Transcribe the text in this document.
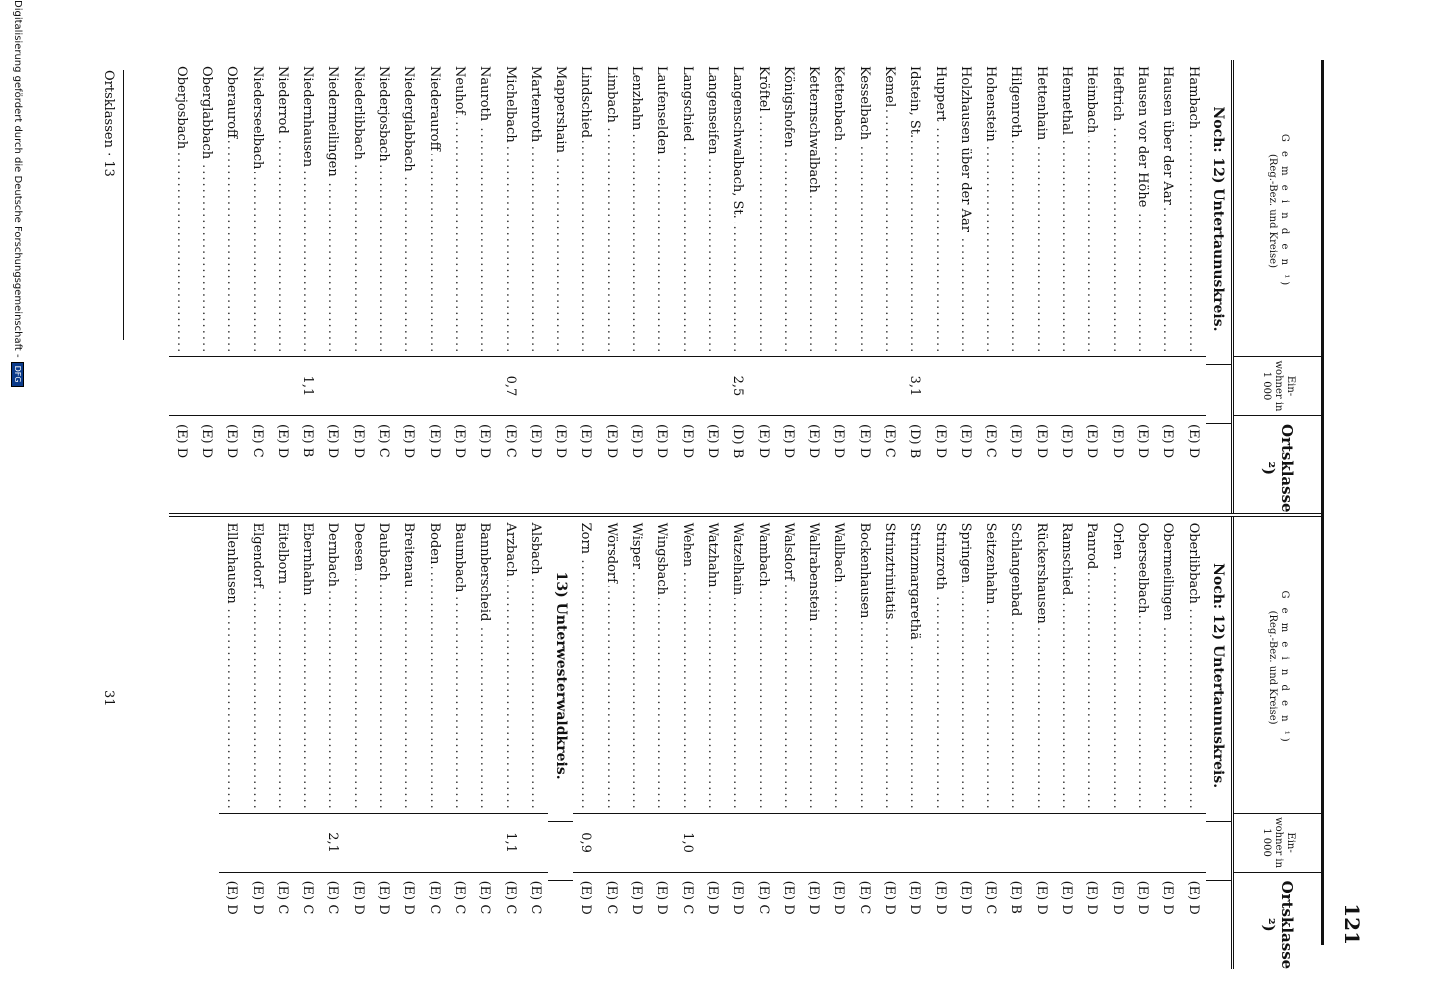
121
G e m e i n d e n ¹)
(Reg.-Bez. und Kreise)
Ein- wohner in 1 000
Ortsklasse ²)
Noch: 12) Untertaunuskreis.
Hambach .....
(E) D
Hausen über der Aar .....
(E) D
Hausen vor der Höhe .....
(E) D
Heftrich .....
(E) D
Heimbach .....
(E) D
Hennethal .....
(E) D
Hettenhain .....
(E) D
Hilgenroth .....
(E) D
Hohenstein .....
(E) C
Holzhausen über der Aar .....
(E) D
Huppert .....
(E) D
Idstein, St. .....
3,1
(D) B
Kemel .....
(E) C
Kesselbach .....
(E) D
Kettenbach .....
(E) D
Ketternschwalbach .....
(E) D
Königshofen .....
(E) D
Kröftel .....
(E) D
Langenschwalbach, St. .....
2,5
(D) B
Langenseifen .....
(E) D
Langschied .....
(E) D
Laufenselden .....
(E) D
Lenzhahn .....
(E) D
Limbach .....
(E) D
Lindschied .....
(E) D
Mappershain .....
(E) D
Martenroth .....
(E) D
Michelbach .....
0,7
(E) C
Nauroth .....
(E) D
Neuhof .....
(E) D
Niederauroff .....
(E) D
Niederglabbach .....
(E) D
Niederjosbach .....
(E) C
Niederlibbach .....
(E) D
Niedermeilingen .....
(E) D
Niedernhausen .....
1,1
(E) B
Niederrod .....
(E) D
Niederseelbach .....
(E) C
Oberauroff .....
(E) D
Oberglabbach .....
(E) D
Oberjosbach .....
(E) D
G e m e i n d e n ¹)
(Reg.-Bez. und Kreise)
Ein- wohner in 1 000
Ortsklasse ²)
Noch: 12) Untertaunuskreis.
Oberlibbach .....
(E) D
Obermeilingen .....
(E) D
Oberseelbach .....
(E) D
Orlen .....
(E) D
Panrod .....
(E) D
Ramschied .....
(E) D
Rückershausen .....
(E) D
Schlangenbad .....
(E) B
Seitzenhahn .....
(E) C
Springen .....
(E) D
Strinzroth .....
(E) D
Strinzmargarethä .....
(E) D
Strinztrinitatis .....
(E) D
Bockenhausen .....
(E) C
Wallbach .....
(E) D
Wallrabenstein .....
(E) D
Walsdorf .....
(E) D
Wambach .....
(E) C
Watzelhain .....
(E) D
Watzhahn .....
(E) D
Wehen .....
1,0
(E) C
Wingsbach .....
(E) D
Wisper .....
(E) D
Wörsdorf .....
(E) C
Zorn .....
0,9
(E) D
13) Unterwesterwaldkreis.
Alsbach .....
(E) C
Arzbach .....
1,1
(E) C
Bannberscheid .....
(E) C
Baumbach .....
(E) C
Boden .....
(E) C
Breitenau .....
(E) D
Daubach .....
(E) D
Deesen .....
(E) D
Dernbach .....
2,1
(E) C
Ebernhahn .....
(E) C
Eitelborn .....
(E) C
Elgendorf .....
(E) D
Ellenhausen .....
(E) D
Ortsklassen · 13
31
Digitalisierung gefördert durch die Deutsche Forschungsgemeinschaft -DFG
